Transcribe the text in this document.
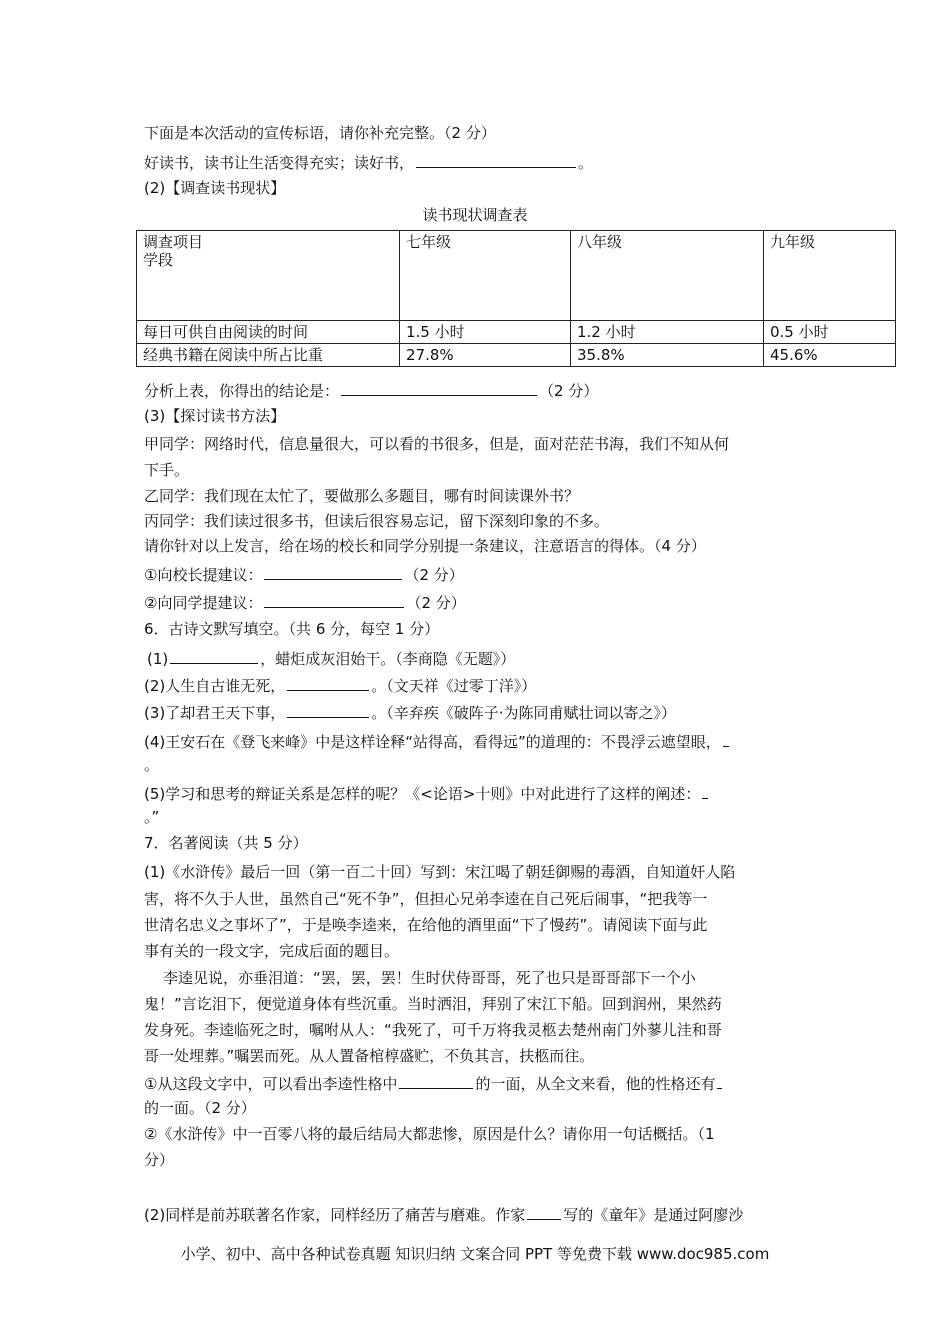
下面是本次活动的宣传标语，请你补充完整。（2 分）
好读书，读书让生活变得充实；读好书，	。
(2)【调查读书现状】
读书现状调查表
调查项目
学段	七年级	八年级	九年级
每日可供自由阅读的时间	1.5 小时	1.2 小时	0.5 小时
经典书籍在阅读中所占比重	27.8%	35.8%	45.6%
分析上表，你得出的结论是：	（2 分）
(3)【探讨读书方法】
甲同学：网络时代，信息量很大，可以看的书很多，但是，面对茫茫书海，我们不知从何
下手。
乙同学：我们现在太忙了，要做那么多题目，哪有时间读课外书？
丙同学：我们读过很多书，但读后很容易忘记，留下深刻印象的不多。
请你针对以上发言，给在场的校长和同学分别提一条建议，注意语言的得体。（4 分）
①向校长提建议：	（2 分）
②向同学提建议：	（2 分）
6．古诗文默写填空。（共 6 分，每空 1 分）
(1)	，蜡炬成灰泪始干。（李商隐《无题》）
(2)人生自古谁无死，	。（文天祥《过零丁洋》）
(3)了却君王天下事，	。（辛弃疾《破阵子·为陈同甫赋壮词以寄之》）
(4)王安石在《登飞来峰》中是这样诠释“站得高，看得远”的道理的：不畏浮云遮望眼，
。
(5)学习和思考的辩证关系是怎样的呢？《<论语>十则》中对此进行了这样的阐述：
。”
7．名著阅读（共 5 分）
(1)《水浒传》最后一回（第一百二十回）写到：宋江喝了朝廷御赐的毒酒，自知道奸人陷
害，将不久于人世，虽然自己“死不争”，但担心兄弟李逵在自己死后闹事，“把我等一
世清名忠义之事坏了”，于是唤李逵来，在给他的酒里面“下了慢药”。请阅读下面与此
事有关的一段文字，完成后面的题目。
李逵见说，亦垂泪道：“罢，罢，罢！生时伏侍哥哥，死了也只是哥哥部下一个小
鬼！”言讫泪下，便觉道身体有些沉重。当时洒泪，拜别了宋江下船。回到润州，果然药
发身死。李逵临死之时，嘱咐从人：“我死了，可千万将我灵柩去楚州南门外蓼儿洼和哥
哥一处埋葬。”嘱罢而死。从人置备棺椁盛贮，不负其言，扶柩而往。
①从这段文字中，可以看出李逵性格中	的一面，从全文来看，他的性格还有
的一面。（2 分）
②《水浒传》中一百零八将的最后结局大都悲惨，原因是什么？请你用一句话概括。（1
分）
(2)同样是前苏联著名作家，同样经历了痛苦与磨难。作家	写的《童年》是通过阿廖沙
小学、初中、高中各种试卷真题 知识归纳 文案合同 PPT 等免费下载 www.doc985.com
